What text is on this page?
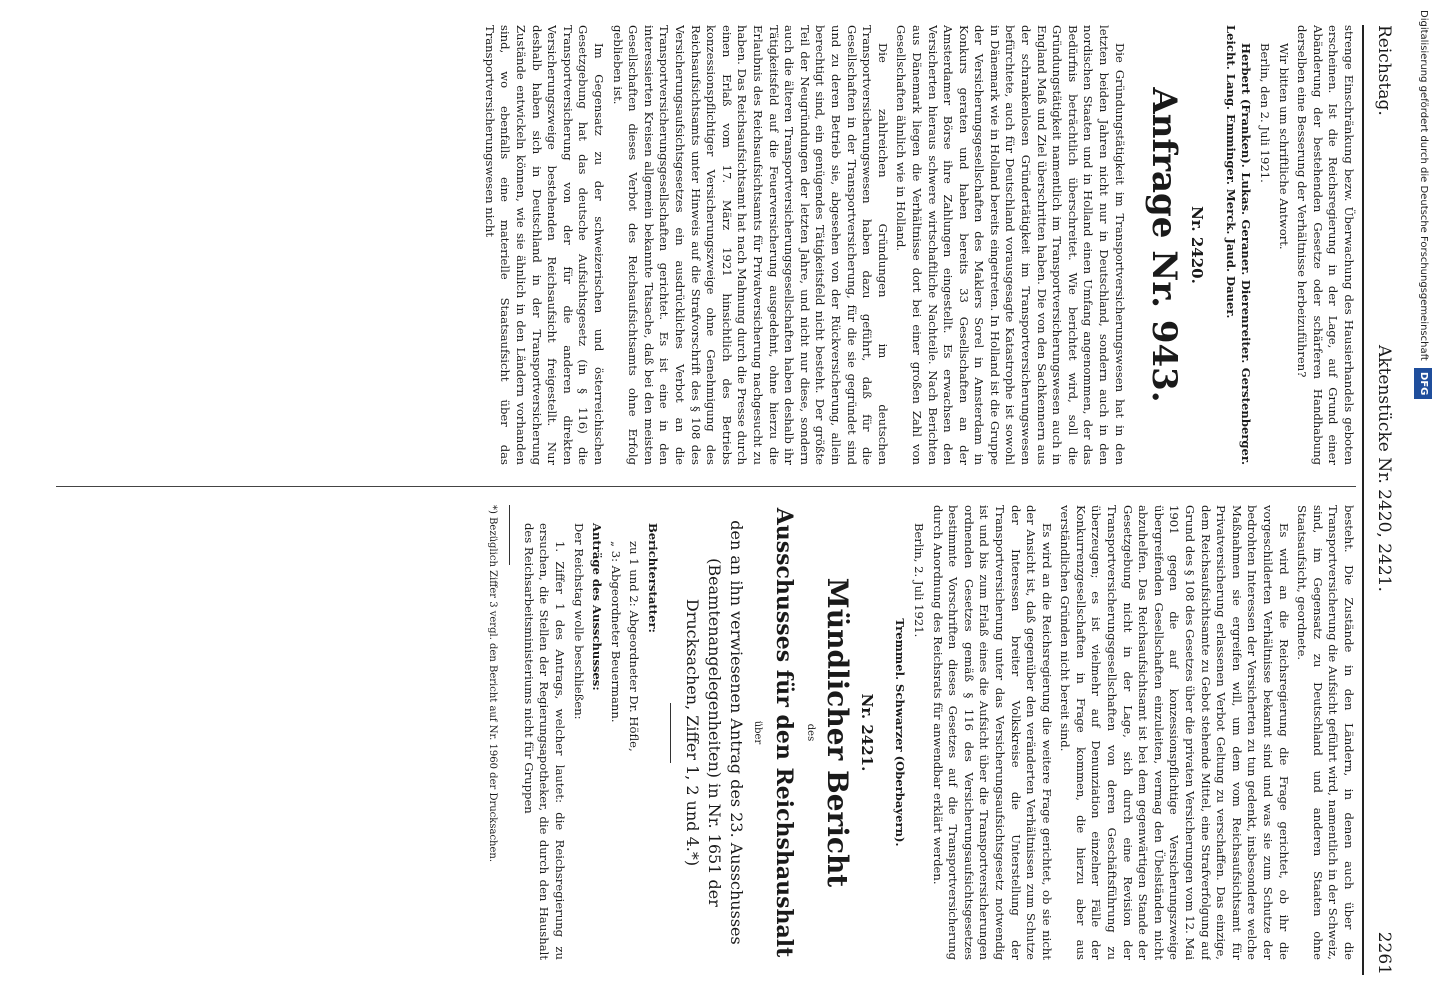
Reichstag.
Aktenstücke Nr. 2420, 2421.
2261

strenge Einschränkung bezw. Überwachung des Hausierhandels geboten erscheinen. Ist die Reichsregierung in der Lage, auf Grund einer Abänderung der bestehenden Gesetze oder schärferen Handhabung derselben eine Besserung der Verhältnisse herbeizuführen?

Wir bitten um schriftliche Antwort.

Berlin, den 2. Juli 1921.

Herbert (Franken). Lukas. Geraner. Dierenreiter. Gerstenberger. Leicht. Lang. Emminger. Merck. Jaud. Dauer.

Nr. 2420.
Anfrage Nr. 943.

Die Gründungstätigkeit im Transportversicherungswesen hat in den letzten beiden Jahren nicht nur in Deutschland, sondern auch in den nordischen Staaten und in Holland einen Umfang angenommen, der das Bedürfnis beträchtlich überschreitet. Wie berichtet wird, soll die Gründungstätigkeit namentlich im Transportversicherungswesen auch in England Maß und Ziel überschritten haben. Die von den Sachkennern aus der schrankenlosen Gründertätigkeit im Transportversicherungswesen befürchtete, auch für Deutschland vorausgesagte Katastrophe ist sowohl in Dänemark wie in Holland bereits eingetreten. In Holland ist die Gruppe der Versicherungsgesellschaften des Maklers Sorel in Amsterdam in Konkurs geraten und haben bereits 33 Gesellschaften an der Amsterdamer Börse ihre Zahlungen eingestellt. Es erwachsen den Versicherten hieraus schwere wirtschaftliche Nachteile. Nach Berichten aus Dänemark liegen die Verhältnisse dort bei einer großen Zahl von Gesellschaften ähnlich wie in Holland.

Die zahlreichen Gründungen im deutschen Transportversicherungswesen haben dazu geführt, daß für die Gesellschaften in der Transportversicherung, für die sie gegründet sind und zu deren Betrieb sie, abgesehen von der Rückversicherung, allein berechtigt sind, ein genügendes Tätigkeitsfeld nicht besteht. Der größte Teil der Neugründungen der letzten Jahre, und nicht nur diese, sondern auch die älteren Transportversicherungsgesellschaften haben deshalb ihr Tätigkeitsfeld auf die Feuerversicherung ausgedehnt, ohne hierzu die Erlaubnis des Reichsaufsichtsamts für Privatversicherung nachgesucht zu haben. Das Reichsaufsichtsamt hat nach Mahnung durch die Presse durch einen Erlaß vom 17. März 1921 hinsichtlich des Betriebs konzessionspflichtiger Versicherungszweige ohne Genehmigung des Reichsaufsichtsamts unter Hinweis auf die Strafvorschrift des § 108 des Versicherungsaufsichtsgesetzes ein ausdrückliches Verbot an die Transportversicherungsgesellschaften gerichtet. Es ist eine in den interessierten Kreisen allgemein bekannte Tatsache, daß bei den meisten Gesellschaften dieses Verbot des Reichsaufsichtsamts ohne Erfolg geblieben ist.

Im Gegensatz zu der schweizerischen und österreichischen Gesetzgebung hat das deutsche Aufsichtsgesetz (in § 116) die Transportversicherung von der für die anderen direkten Versicherungszweige bestehenden Reichsaufsicht freigestellt. Nur deshalb haben sich in Deutschland in der Transportversicherung Zustände entwickeln können, wie sie ähnlich in den Ländern vorhanden sind, wo ebenfalls eine materielle Staatsaufsicht über das Transportversicherungswesen nicht

besteht. Die Zustände in den Ländern, in denen auch über die Transportversicherung die Aufsicht geführt wird, namentlich in der Schweiz, sind, im Gegensatz zu Deutschland und anderen Staaten ohne Staatsaufsicht, geordnete.

Es wird an die Reichsregierung die Frage gerichtet, ob ihr die vorgeschilderten Verhältnisse bekannt sind und was sie zum Schutze der bedrohten Interessen der Versicherten zu tun gedenkt, insbesondere welche Maßnahmen sie ergreifen will, um dem vom Reichsaufsichtsamt für Privatversicherung erlassenen Verbot Geltung zu verschaffen. Das einzige, dem Reichsaufsichtsamte zu Gebot stehende Mittel, eine Strafverfolgung auf Grund des § 108 des Gesetzes über die privaten Versicherungen vom 12. Mai 1901 gegen die auf konzessionspflichtige Versicherungszweige übergreifenden Gesellschaften einzuleiten, vermag den Übelständen nicht abzuhelfen. Das Reichsaufsichtsamt ist bei dem gegenwärtigen Stande der Gesetzgebung nicht in der Lage, sich durch eine Revision der Transportversicherungsgesellschaften von deren Geschäftsführung zu überzeugen; es ist vielmehr auf Denunziation einzelner Fälle der Konkurrenzgesellschaften in Frage kommen, die hierzu aber aus verständlichen Gründen nicht bereit sind.

Es wird an die Reichsregierung die weitere Frage gerichtet, ob sie nicht der Ansicht ist, daß gegenüber den veränderten Verhältnissen zum Schutze der Interessen breiter Volkskreise die Unterstellung der Transportversicherung unter das Versicherungsaufsichtsgesetz notwendig ist und bis zum Erlaß eines die Aufsicht über die Transportversicherungen ordnenden Gesetzes gemäß § 116 des Versicherungsaufsichtsgesetzes bestimmte Vorschriften dieses Gesetzes auf die Transportversicherung durch Anordnung des Reichsrats für anwendbar erklärt werden.

Berlin, 2. Juli 1921.

Tremmel. Schwarzer (Oberbayern).

Nr. 2421.
Mündlicher Bericht
des
Ausschusses für den Reichshaushalt
über

den an ihn verwiesenen Antrag des 23. Ausschusses (Beamtenangelegenheiten) in Nr. 1651 der Drucksachen, Ziffer 1, 2 und 4.*)

Berichterstatter:

zu 1 und 2: Abgeordneter Dr. Höfle,

„ 3: Abgeordneter Beuermann.

Anträge des Ausschusses:

Der Reichstag wolle beschließen:

1. Ziffer 1 des Antrags, welcher lautet: die Reichsregierung zu ersuchen, die Stellen der Regierungsapotheker, die durch den Haushalt des Reichsarbeitsministeriums nicht für Gruppen

*) Bezüglich Ziffer 3 vergl. den Bericht auf Nr. 1960 der Drucksachen.

Digitalisierung gefördert durch die Deutsche Forschungsgemeinschaft DFG
